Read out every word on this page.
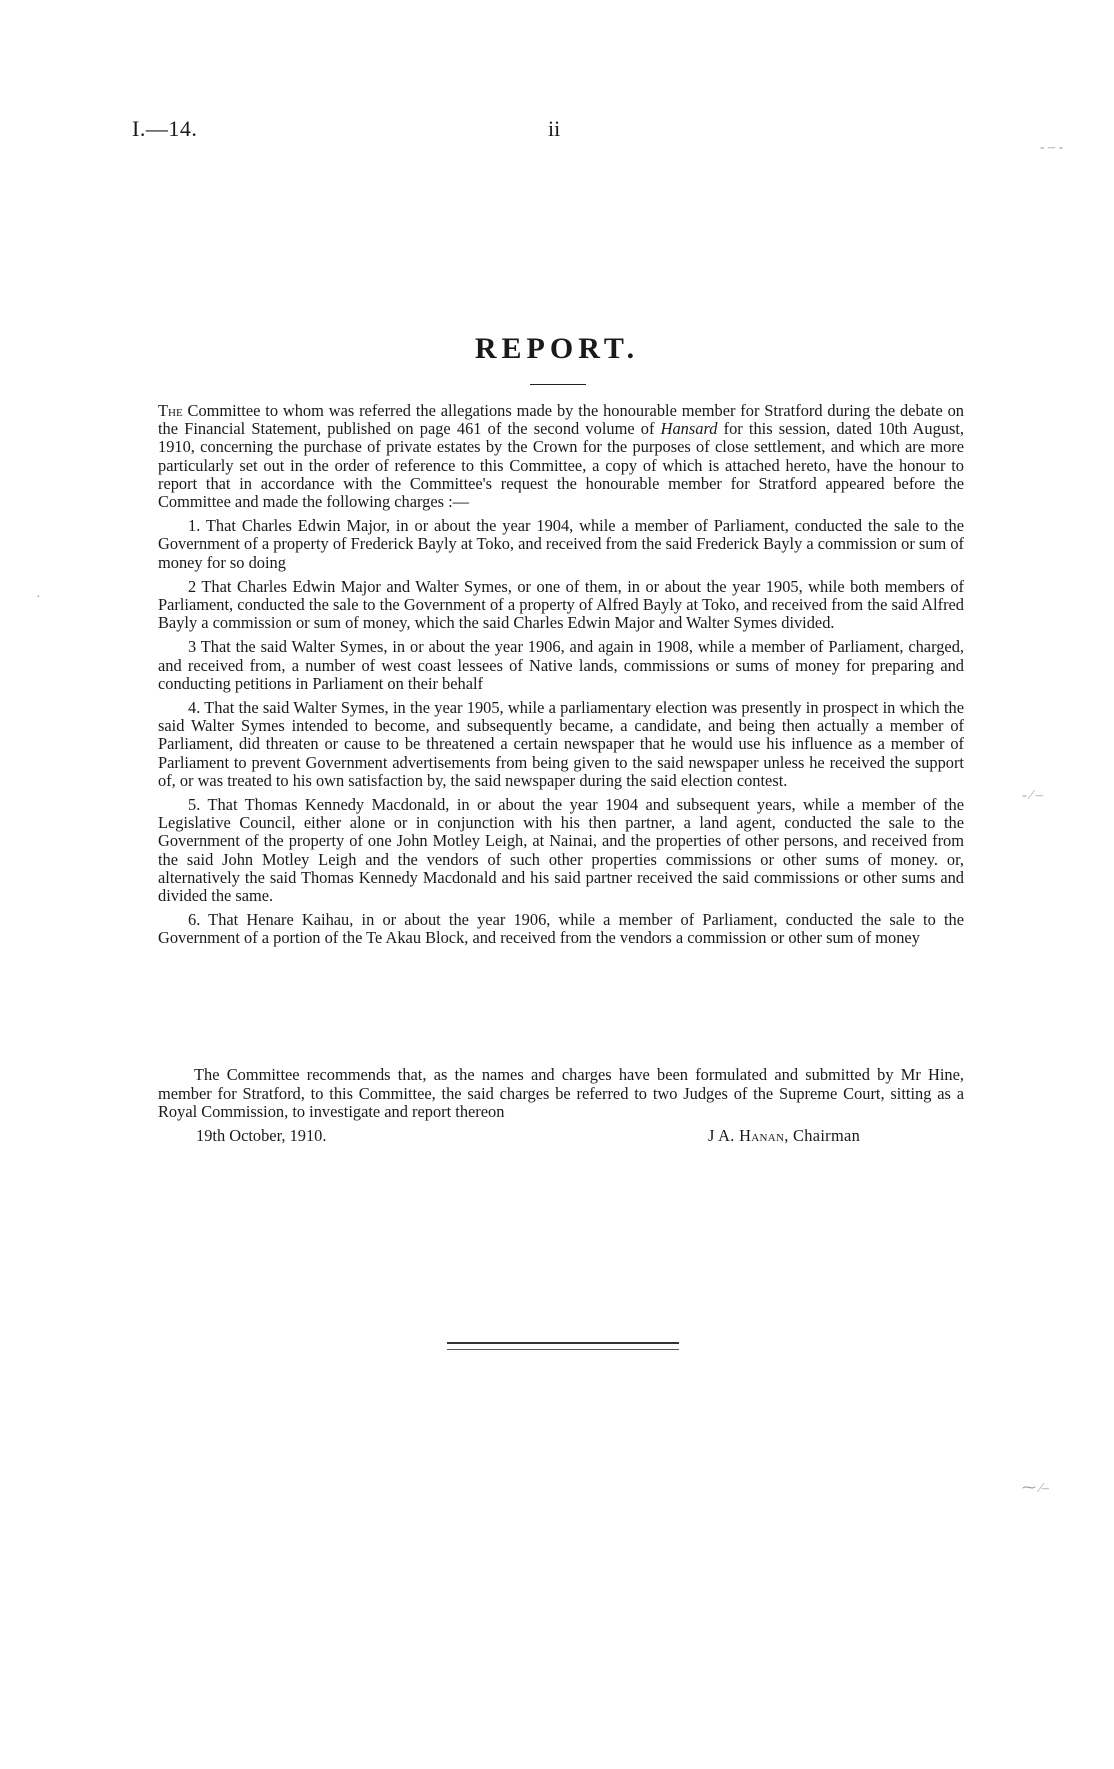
I.—14.	ii
REPORT.

The Committee to whom was referred the allegations made by the honourable member for Stratford during the debate on the Financial Statement, published on page 461 of the second volume of Hansard for this session, dated 10th August, 1910, concerning the purchase of private estates by the Crown for the purposes of close settlement, and which are more particularly set out in the order of reference to this Committee, a copy of which is attached hereto, have the honour to report that in accordance with the Committee's request the honourable member for Stratford appeared before the Committee and made the following charges :—

1. That Charles Edwin Major, in or about the year 1904, while a member of Parliament, conducted the sale to the Government of a property of Frederick Bayly at Toko, and received from the said Frederick Bayly a commission or sum of money for so doing

2 That Charles Edwin Major and Walter Symes, or one of them, in or about the year 1905, while both members of Parliament, conducted the sale to the Government of a property of Alfred Bayly at Toko, and received from the said Alfred Bayly a commission or sum of money, which the said Charles Edwin Major and Walter Symes divided.

3 That the said Walter Symes, in or about the year 1906, and again in 1908, while a member of Parliament, charged, and received from, a number of west coast lessees of Native lands, commissions or sums of money for preparing and conducting petitions in Parliament on their behalf

4. That the said Walter Symes, in the year 1905, while a parliamentary election was presently in prospect in which the said Walter Symes intended to become, and subsequently became, a candidate, and being then actually a member of Parliament, did threaten or cause to be threatened a certain newspaper that he would use his influence as a member of Parliament to prevent Government advertisements from being given to the said newspaper unless he received the support of, or was treated to his own satisfaction by, the said newspaper during the said election contest.

5. That Thomas Kennedy Macdonald, in or about the year 1904 and subsequent years, while a member of the Legislative Council, either alone or in conjunction with his then partner, a land agent, conducted the sale to the Government of the property of one John Motley Leigh, at Nainai, and the properties of other persons, and received from the said John Motley Leigh and the vendors of such other properties commissions or other sums of money. or, alternatively the said Thomas Kennedy Macdonald and his said partner received the said commissions or other sums and divided the same.

6. That Henare Kaihau, in or about the year 1906, while a member of Parliament, conducted the sale to the Government of a portion of the Te Akau Block, and received from the vendors a commission or other sum of money

The Committee recommends that, as the names and charges have been formulated and submitted by Mr Hine, member for Stratford, to this Committee, the said charges be referred to two Judges of the Supreme Court, sitting as a Royal Commission, to investigate and report thereon

19th October, 1910.	J A. Hanan, Chairman
‐ ‒ ‐
·
‐ ⁄ ‒
⁓ ⁄‒
